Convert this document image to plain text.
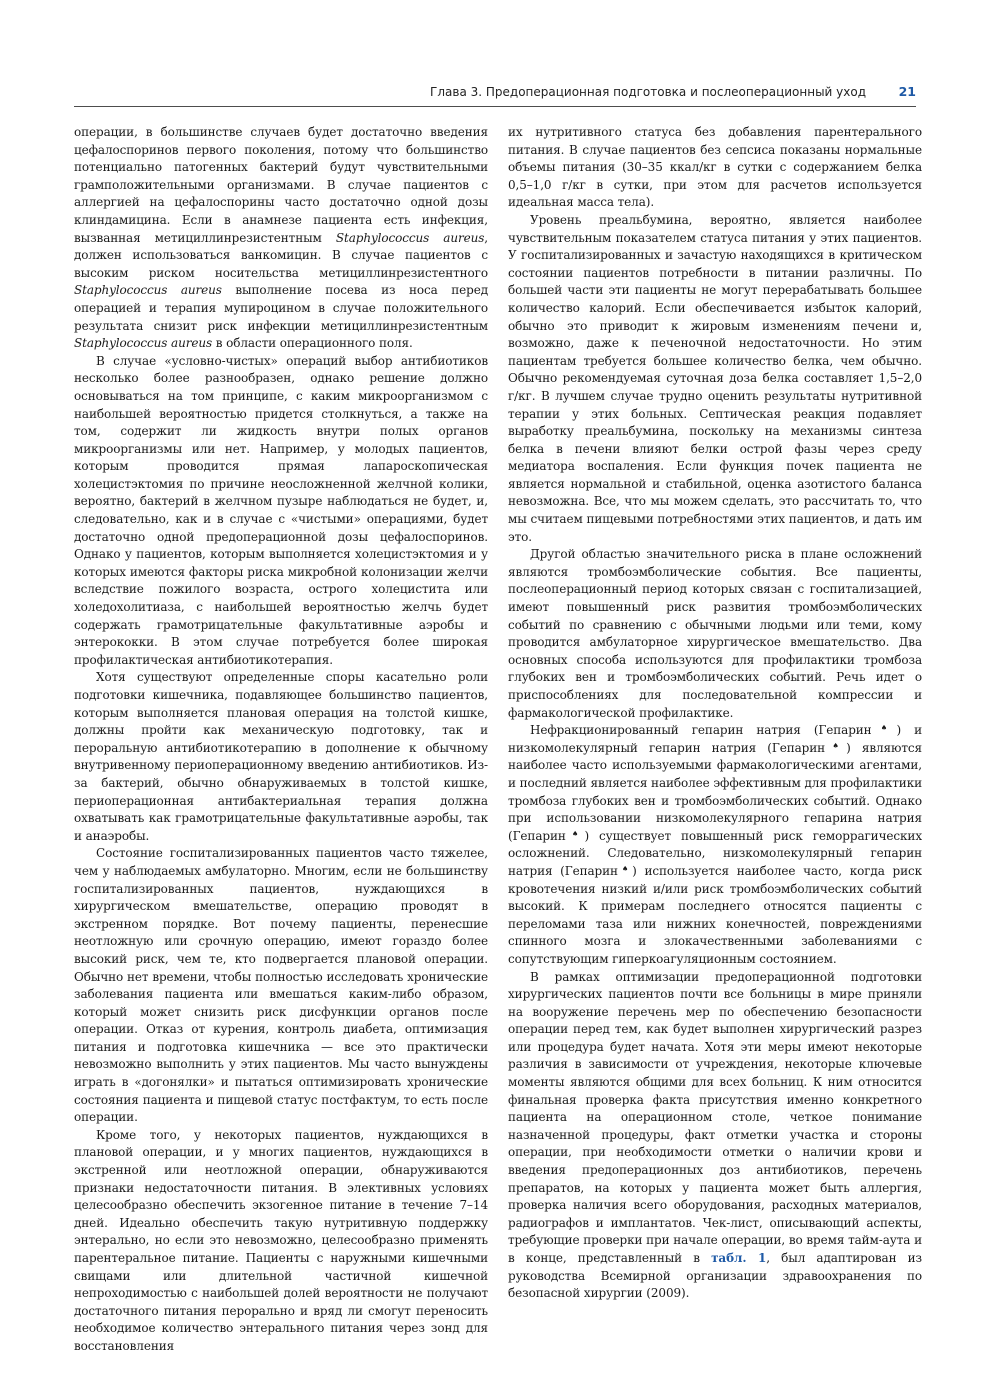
Глава 3. Предоперационная подготовка и послеоперационный уход	21

операции, в большинстве случаев будет достаточно введения цефалоспоринов первого поколения, потому что большинство потенциально патогенных бактерий будут чувствительными грамположительными организмами. В случае пациентов с аллергией на цефалоспорины часто достаточно одной дозы клиндамицина. Если в анамнезе пациента есть инфекция, вызванная метициллинрезистентным Staphylococcus aureus, должен использоваться ванкомицин. В случае пациентов с высоким риском носительства метициллинрезистентного Staphylococcus aureus выполнение посева из носа перед операцией и терапия мупироцином в случае положительного результата снизит риск инфекции метициллинрезистентным Staphylococcus aureus в области операционного поля.

В случае «условно-чистых» операций выбор антибиотиков несколько более разнообразен, однако решение должно основываться на том принципе, с каким микроорганизмом с наибольшей вероятностью придется столкнуться, а также на том, содержит ли жидкость внутри полых органов микроорганизмы или нет. Например, у молодых пациентов, которым проводится прямая лапароскопическая холецистэктомия по причине неосложненной желчной колики, вероятно, бактерий в желчном пузыре наблюдаться не будет, и, следовательно, как и в случае с «чистыми» операциями, будет достаточно одной предоперационной дозы цефалоспоринов. Однако у пациентов, которым выполняется холецистэктомия и у которых имеются факторы риска микробной колонизации желчи вследствие пожилого возраста, острого холецистита или холедохолитиаза, с наибольшей вероятностью желчь будет содержать грамотрицательные факультативные аэробы и энтерококки. В этом случае потребуется более широкая профилактическая антибиотикотерапия.

Хотя существуют определенные споры касательно роли подготовки кишечника, подавляющее большинство пациентов, которым выполняется плановая операция на толстой кишке, должны пройти как механическую подготовку, так и пероральную антибиотикотерапию в дополнение к обычному внутривенному периоперационному введению антибиотиков. Из-за бактерий, обычно обнаруживаемых в толстой кишке, периоперационная антибактериальная терапия должна охватывать как грамотрицательные факультативные аэробы, так и анаэробы.

Состояние госпитализированных пациентов часто тяжелее, чем у наблюдаемых амбулаторно. Многим, если не большинству госпитализированных пациентов, нуждающихся в хирургическом вмешательстве, операцию проводят в экстренном порядке. Вот почему пациенты, перенесшие неотложную или срочную операцию, имеют гораздо более высокий риск, чем те, кто подвергается плановой операции. Обычно нет времени, чтобы полностью исследовать хронические заболевания пациента или вмешаться каким-либо образом, который может снизить риск дисфункции органов после операции. Отказ от курения, контроль диабета, оптимизация питания и подготовка кишечника — все это практически невозможно выполнить у этих пациентов. Мы часто вынуждены играть в «догонялки» и пытаться оптимизировать хронические состояния пациента и пищевой статус постфактум, то есть после операции.

Кроме того, у некоторых пациентов, нуждающихся в плановой операции, и у многих пациентов, нуждающихся в экстренной или неотложной операции, обнаруживаются признаки недостаточности питания. В элективных условиях целесообразно обеспечить экзогенное питание в течение 7–14 дней. Идеально обеспечить такую нутритивную поддержку энтерально, но если это невозможно, целесообразно применять парентеральное питание. Пациенты с наружными кишечными свищами или длительной частичной кишечной непроходимостью с наибольшей долей вероятности не получают достаточного питания перорально и вряд ли смогут переносить необходимое количество энтерального питания через зонд для восстановления

их нутритивного статуса без добавления парентерального питания. В случае пациентов без сепсиса показаны нормальные объемы питания (30–35 ккал/кг в сутки с содержанием белка 0,5–1,0 г/кг в сутки, при этом для расчетов используется идеальная масса тела).

Уровень преальбумина, вероятно, является наиболее чувствительным показателем статуса питания у этих пациентов. У госпитализированных и зачастую находящихся в критическом состоянии пациентов потребности в питании различны. По большей части эти пациенты не могут перерабатывать большее количество калорий. Если обеспечивается избыток калорий, обычно это приводит к жировым изменениям печени и, возможно, даже к печеночной недостаточности. Но этим пациентам требуется большее количество белка, чем обычно. Обычно рекомендуемая суточная доза белка составляет 1,5–2,0 г/кг. В лучшем случае трудно оценить результаты нутритивной терапии у этих больных. Септическая реакция подавляет выработку преальбумина, поскольку на механизмы синтеза белка в печени влияют белки острой фазы через среду медиатора воспаления. Если функция почек пациента не является нормальной и стабильной, оценка азотистого баланса невозможна. Все, что мы можем сделать, это рассчитать то, что мы считаем пищевыми потребностями этих пациентов, и дать им это.

Другой областью значительного риска в плане осложнений являются тромбоэмболические события. Все пациенты, послеоперационный период которых связан с госпитализацией, имеют повышенный риск развития тромбоэмболических событий по сравнению с обычными людьми или теми, кому проводится амбулаторное хирургическое вмешательство. Два основных способа используются для профилактики тромбоза глубоких вен и тромбоэмболических событий. Речь идет о приспособлениях для последовательной компрессии и фармакологической профилактике.

Нефракционированный гепарин натрия (Гепарин♠) и низкомолекулярный гепарин натрия (Гепарин♠) являются наиболее часто используемыми фармакологическими агентами, и последний является наиболее эффективным для профилактики тромбоза глубоких вен и тромбоэмболических событий. Однако при использовании низкомолекулярного гепарина натрия (Гепарин♠) существует повышенный риск геморрагических осложнений. Следовательно, низкомолекулярный гепарин натрия (Гепарин♠) используется наиболее часто, когда риск кровотечения низкий и/или риск тромбоэмболических событий высокий. К примерам последнего относятся пациенты с переломами таза или нижних конечностей, повреждениями спинного мозга и злокачественными заболеваниями с сопутствующим гиперкоагуляционным состоянием.

В рамках оптимизации предоперационной подготовки хирургических пациентов почти все больницы в мире приняли на вооружение перечень мер по обеспечению безопасности операции перед тем, как будет выполнен хирургический разрез или процедура будет начата. Хотя эти меры имеют некоторые различия в зависимости от учреждения, некоторые ключевые моменты являются общими для всех больниц. К ним относится финальная проверка факта присутствия именно конкретного пациента на операционном столе, четкое понимание назначенной процедуры, факт отметки участка и стороны операции, при необходимости отметки о наличии крови и введения предоперационных доз антибиотиков, перечень препаратов, на которых у пациента может быть аллергия, проверка наличия всего оборудования, расходных материалов, радиографов и имплантатов. Чек-лист, описывающий аспекты, требующие проверки при начале операции, во время тайм-аута и в конце, представленный в табл. 1, был адаптирован из руководства Всемирной организации здравоохранения по безопасной хирургии (2009).
